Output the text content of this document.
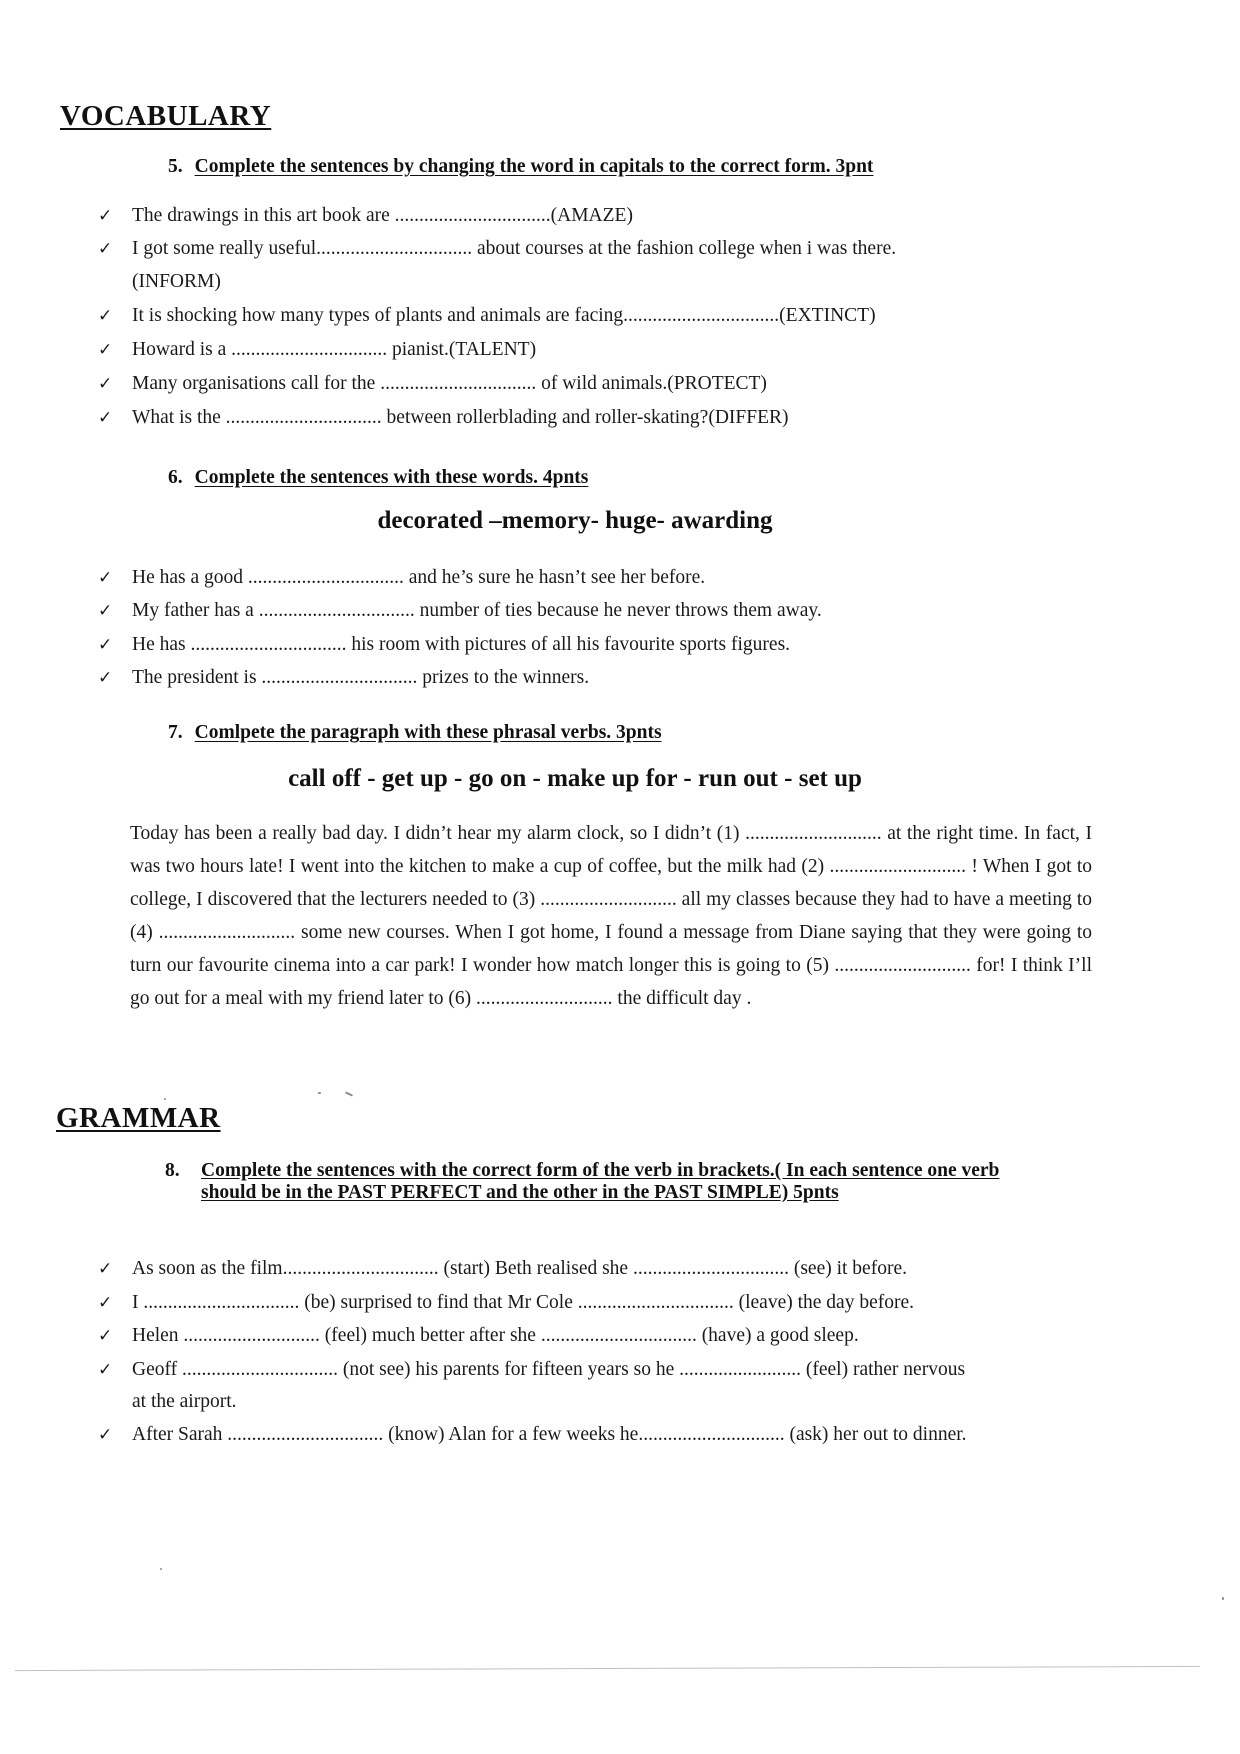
VOCABULARY
5. Complete the sentences by changing the word in capitals to the correct form. 3pnt
✓ The drawings in this art book are ................................(AMAZE)
✓ I got some really useful................................ about courses at the fashion college when i was there.
(INFORM)
✓ It is shocking how many types of plants and animals are facing................................(EXTINCT)
✓ Howard is a ................................ pianist.(TALENT)
✓ Many organisations call for the ................................ of wild animals.(PROTECT)
✓ What is the ................................ between rollerblading and roller-skating?(DIFFER)
6. Complete the sentences with these words. 4pnts
decorated –memory- huge- awarding
✓ He has a good ................................ and he’s sure he hasn’t see her before.
✓ My father has a ................................ number of ties because he never throws them away.
✓ He has ................................ his room with pictures of all his favourite sports figures.
✓ The president is ................................ prizes to the winners.
7. Comlpete the paragraph with these phrasal verbs. 3pnts
call off - get up - go on - make up for - run out - set up
Today has been a really bad day. I didn’t hear my alarm clock, so I didn’t (1) ............................ at the right time. In fact, I was two hours late! I went into the kitchen to make a cup of coffee, but the milk had (2) ............................ ! When I got to college, I discovered that the lecturers needed to (3) ............................ all my classes because they had to have a meeting to (4) ............................ some new courses. When I got home, I found a message from Diane saying that they were going to turn our favourite cinema into a car park! I wonder how match longer this is going to (5) ............................ for! I think I’ll go out for a meal with my friend later to (6) ............................ the difficult day .
GRAMMAR
8. Complete the sentences with the correct form of the verb in brackets.( In each sentence one verb should be in the PAST PERFECT and the other in the PAST SIMPLE) 5pnts
✓ As soon as the film................................ (start) Beth realised she ................................ (see) it before.
✓ I ................................ (be) surprised to find that Mr Cole ................................ (leave) the day before.
✓ Helen ............................ (feel) much better after she ................................ (have) a good sleep.
✓ Geoff ................................ (not see) his parents for fifteen years so he ......................... (feel) rather nervous
at the airport.
✓ After Sarah ................................ (know) Alan for a few weeks he.............................. (ask) her out to dinner.
